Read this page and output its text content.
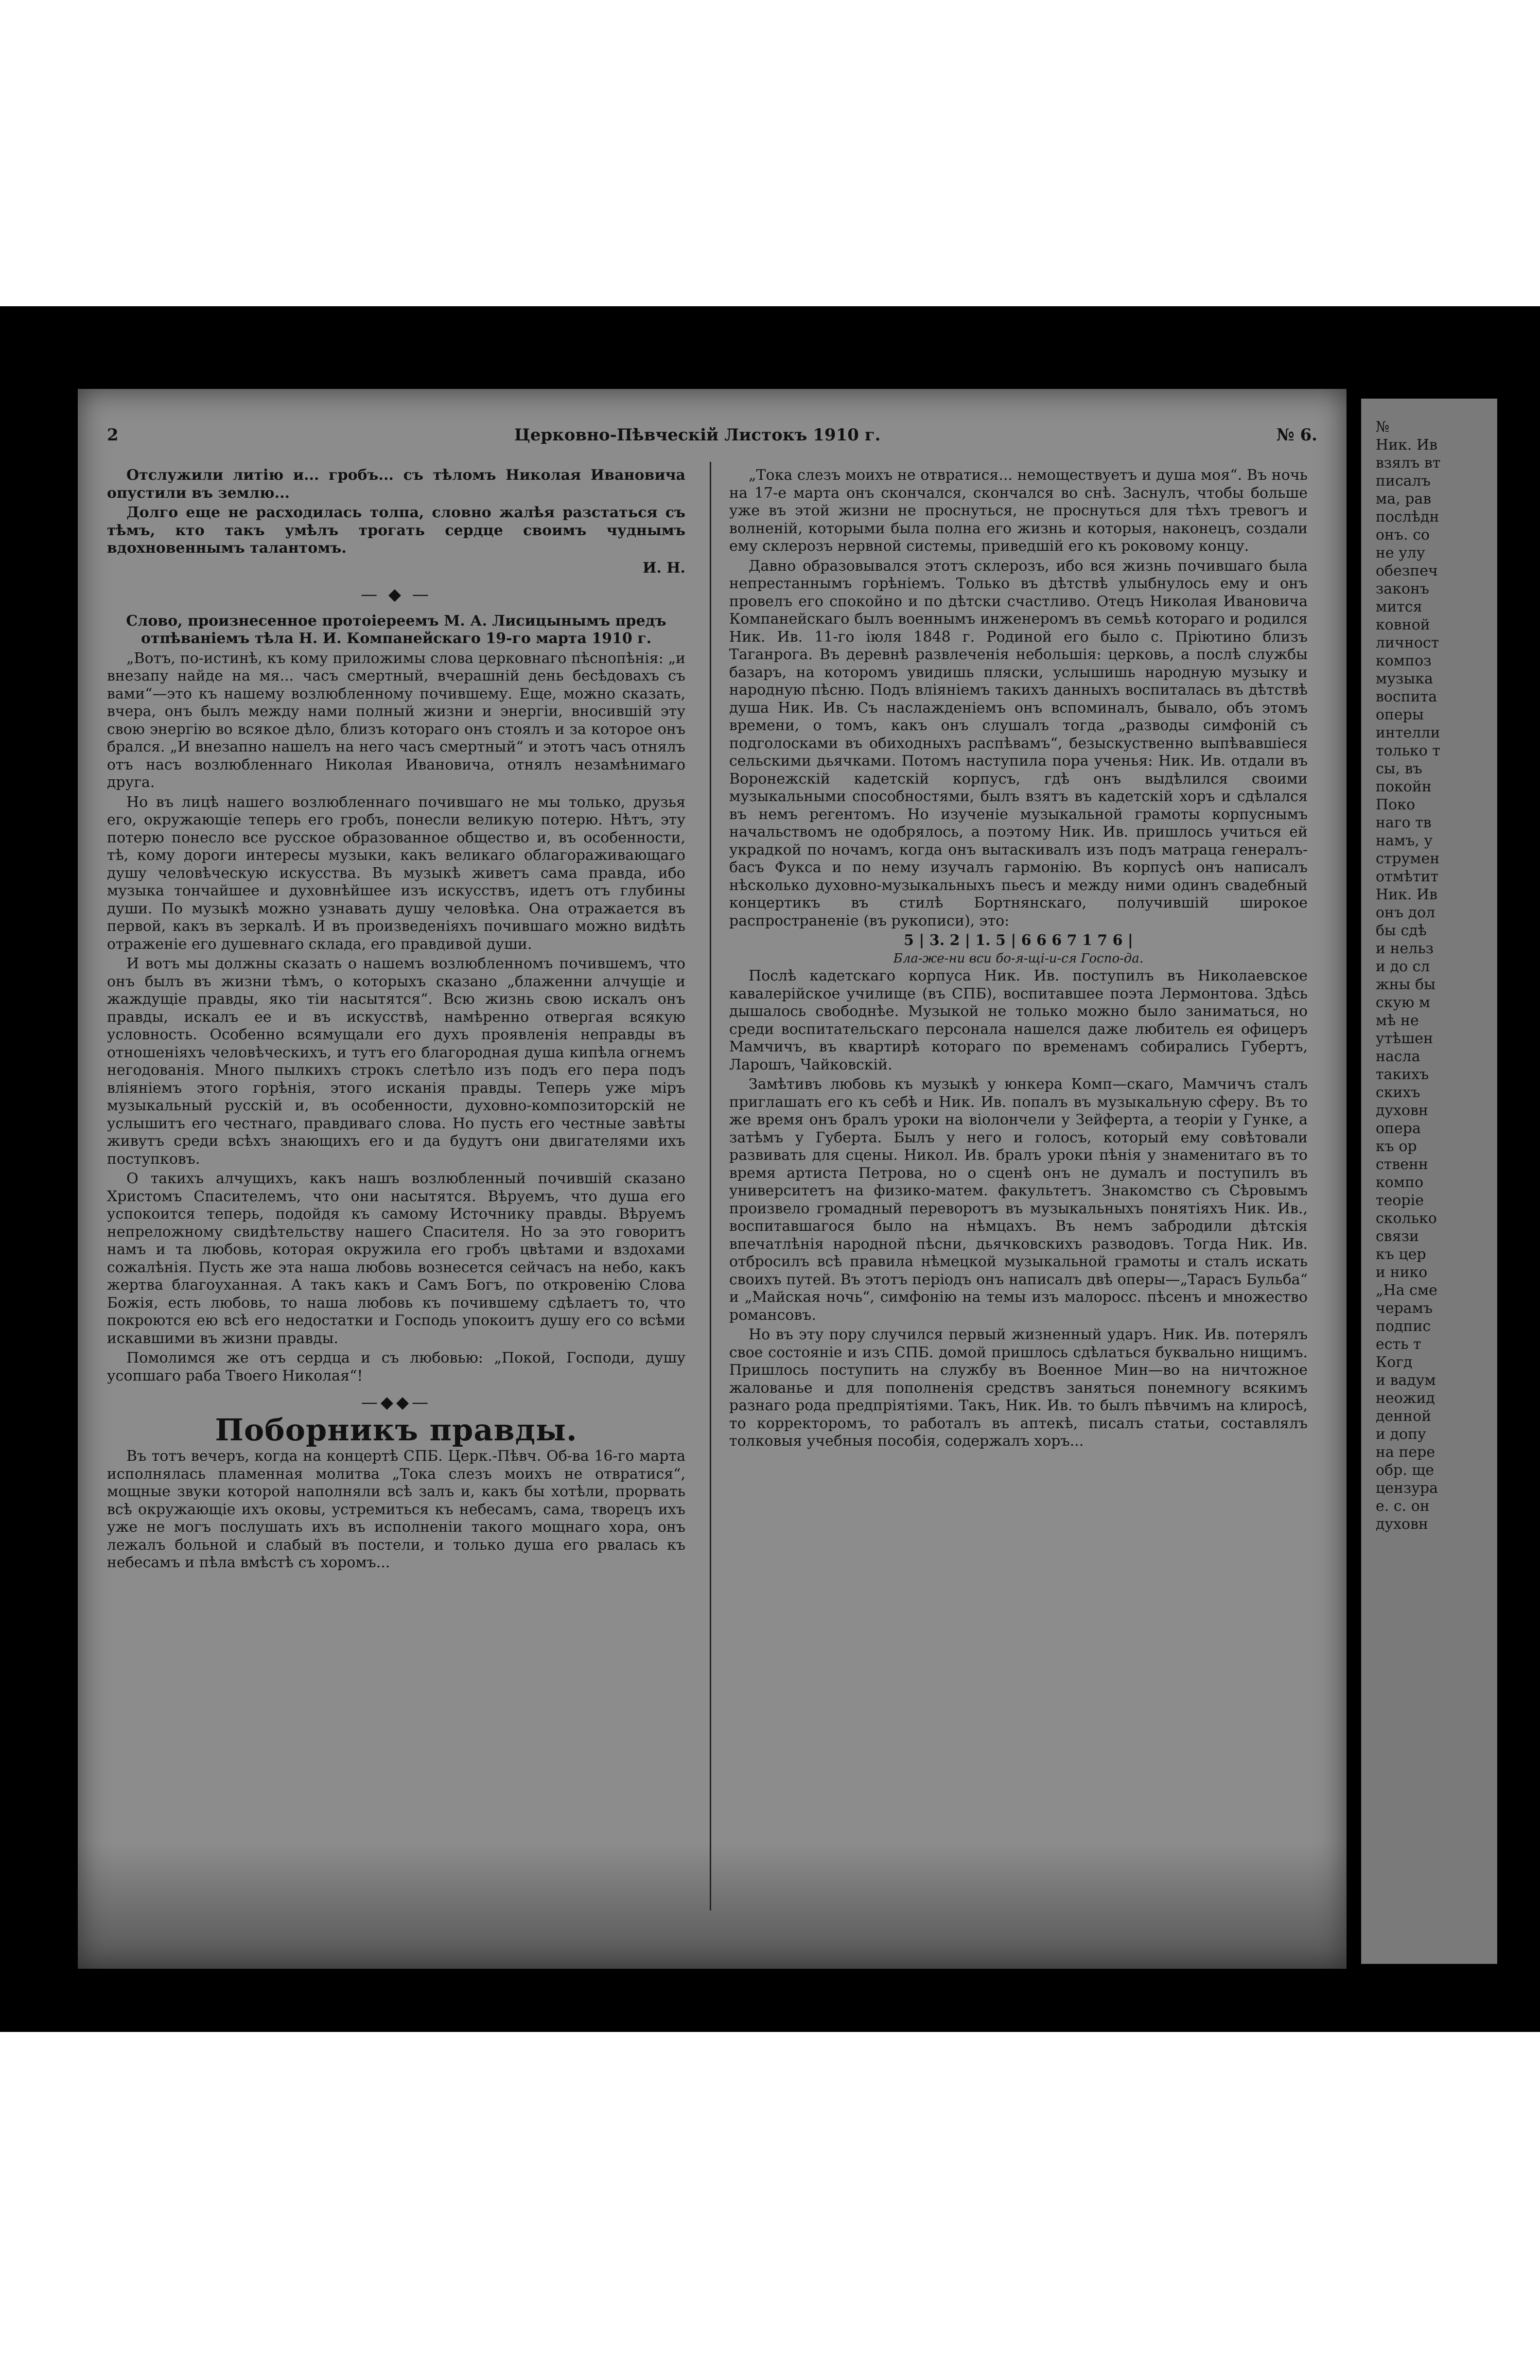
2	Церковно-Пѣвческiй Листокъ 1910 г.	№ 6.

Отслужили литiю и... гробъ... съ тѣломъ Николая Ивановича опустили въ землю...

Долго еще не расходилась толпа, словно жалѣя разстаться съ тѣмъ, кто такъ умѣлъ трогать сердце своимъ чуднымъ вдохновеннымъ талантомъ.

И. Н.
— ◆ —

Слово, произнесенное протоiереемъ М. А. Лисицынымъ предъ отпѣванiемъ тѣла Н. И. Компанейскаго 19-го марта 1910 г.

„Вотъ, по-истинѣ, къ кому приложимы слова церковнаго пѣснопѣнiя: „и внезапу найде на мя... часъ смертный, вчерашнiй день бесѣдовахъ съ вами“—это къ нашему возлюбленному почившему. Еще, можно сказать, вчера, онъ былъ между нами полный жизни и энергiи, вносившiй эту свою энергiю во всякое дѣло, близъ котораго онъ стоялъ и за которое онъ брался. „И внезапно нашелъ на него часъ смертный“ и этотъ часъ отнялъ отъ насъ возлюбленнаго Николая Ивановича, отнялъ незамѣнимаго друга.

Но въ лицѣ нашего возлюбленнаго почившаго не мы только, друзья его, окружающiе теперь его гробъ, понесли великую потерю. Нѣтъ, эту потерю понесло все русское образованное общество и, въ особенности, тѣ, кому дороги интересы музыки, какъ великаго облагораживающаго душу человѣческую искусства. Въ музыкѣ живетъ сама правда, ибо музыка тончайшее и духовнѣйшее изъ искусствъ, идетъ отъ глубины души. По музыкѣ можно узнавать душу человѣка. Она отражается въ первой, какъ въ зеркалѣ. И въ произведенiяхъ почившаго можно видѣть отраженiе его душевнаго склада, его правдивой души.

И вотъ мы должны сказать о нашемъ возлюбленномъ почившемъ, что онъ былъ въ жизни тѣмъ, о которыхъ сказано „блаженни алчущiе и жаждущiе правды, яко тiи насытятся“. Всю жизнь свою искалъ онъ правды, искалъ ее и въ искусствѣ, намѣренно отвергая всякую условность. Особенно всямущали его духъ проявленiя неправды въ отношенiяхъ человѣческихъ, и тутъ его благородная душа кипѣла огнемъ негодованiя. Много пылкихъ строкъ слетѣло изъ подъ его пера подъ влiянiемъ этого горѣнiя, этого исканiя правды. Теперь уже мiръ музыкальный русскiй и, въ особенности, духовно-композиторскiй не услышитъ его честнаго, правдиваго слова. Но пусть его честные завѣты живутъ среди всѣхъ знающихъ его и да будутъ они двигателями ихъ поступковъ.

О такихъ алчущихъ, какъ нашъ возлюбленный почившiй сказано Христомъ Спасителемъ, что они насытятся. Вѣруемъ, что душа его успокоится теперь, подойдя къ самому Источнику правды. Вѣруемъ непреложному свидѣтельству нашего Спасителя. Но за это говоритъ намъ и та любовь, которая окружила его гробъ цвѣтами и вздохами сожалѣнiя. Пусть же эта наша любовь вознесется сейчасъ на небо, какъ жертва благоуханная. А такъ какъ и Самъ Богъ, по откровенiю Слова Божiя, есть любовь, то наша любовь къ почившему сдѣлаетъ то, что покроются ею всѣ его недостатки и Господь упокоитъ душу его со всѣми искавшими въ жизни правды.

Помолимся же отъ сердца и съ любовью: „Покой, Господи, душу усопшаго раба Твоего Николая“!

—◆◆—
Поборникъ правды.

Въ тотъ вечеръ, когда на концертѣ СПБ. Церк.-Пѣвч. Об-ва 16-го марта исполнялась пламенная молитва „Тока слезъ моихъ не отвратися“, мощные звуки которой наполняли всѣ залъ и, какъ бы хотѣли, прорвать всѣ окружающiе ихъ оковы, устремиться къ небесамъ, сама, творецъ ихъ уже не могъ послушать ихъ въ исполненiи такого мощнаго хора, онъ лежалъ больной и слабый въ постели, и только душа его рвалась къ небесамъ и пѣла вмѣстѣ съ хоромъ...

„Тока слезъ моихъ не отвратися... немоществуетъ и душа моя“. Въ ночь на 17-е марта онъ скончался, скончался во снѣ. Заснулъ, чтобы больше уже въ этой жизни не проснуться, не проснуться для тѣхъ тревогъ и волненiй, которыми была полна его жизнь и которыя, наконецъ, создали ему склерозъ нервной системы, приведшiй его къ роковому концу.

Давно образовывался этотъ склерозъ, ибо вся жизнь почившаго была непрестаннымъ горѣнiемъ. Только въ дѣтствѣ улыбнулось ему и онъ провелъ его спокойно и по дѣтски счастливо. Отецъ Николая Ивановича Компанейскаго былъ военнымъ инженеромъ въ семьѣ котораго и родился Ник. Ив. 11-го iюля 1848 г. Родиной его было с. Прiютино близъ Таганрога. Въ деревнѣ развлеченiя небольшiя: церковь, а послѣ службы базаръ, на которомъ увидишь пляски, услышишь народную музыку и народную пѣсню. Подъ влiянiемъ такихъ данныхъ воспиталась въ дѣтствѣ душа Ник. Ив. Съ наслажденiемъ онъ вспоминалъ, бывало, объ этомъ времени, о томъ, какъ онъ слушалъ тогда „разводы симфонiй съ подголосками въ обиходныхъ распѣвамъ“, безыскуственно выпѣвавшiеся сельскими дьячками. Потомъ наступила пора ученья: Ник. Ив. отдали въ Воронежскiй кадетскiй корпусъ, гдѣ онъ выдѣлился своими музыкальными способностями, былъ взятъ въ кадетскiй хоръ и сдѣлался въ немъ регентомъ. Но изученiе музыкальной грамоты корпуснымъ начальствомъ не одобрялось, а поэтому Ник. Ив. пришлось учиться ей украдкой по ночамъ, когда онъ вытаскивалъ изъ подъ матраца генералъ-басъ Фукса и по нему изучалъ гармонiю. Въ корпусѣ онъ написалъ нѣсколько духовно-музыкальныхъ пьесъ и между ними одинъ свадебный концертикъ въ стилѣ Бортнянскаго, получившiй широкое распространенiе (въ рукописи), это:

5 | 3. 2 | 1. 5 | 6 6 6 7 1 7 6 |
Бла-же-ни вси бо-я-щi-и-ся Госпо-да.

Послѣ кадетскаго корпуса Ник. Ив. поступилъ въ Николаевское кавалерiйское училище (въ СПБ), воспитавшее поэта Лермонтова. Здѣсь дышалось свободнѣе. Музыкой не только можно было заниматься, но среди воспитательскаго персонала нашелся даже любитель ея офицеръ Мамчичъ, въ квартирѣ котораго по временамъ собирались Губертъ, Ларошъ, Чайковскiй.

Замѣтивъ любовь къ музыкѣ у юнкера Комп—скаго, Мамчичъ сталъ приглашать его къ себѣ и Ник. Ив. попалъ въ музыкальную сферу. Въ то же время онъ бралъ уроки на вiолончели у Зейферта, а теорiи у Гунке, а затѣмъ у Губерта. Былъ у него и голосъ, который ему совѣтовали развивать для сцены. Никол. Ив. бралъ уроки пѣнiя у знаменитаго въ то время артиста Петрова, но о сценѣ онъ не думалъ и поступилъ въ университетъ на физико-матем. факультетъ. Знакомство съ Сѣровымъ произвело громадный переворотъ въ музыкальныхъ понятiяхъ Ник. Ив., воспитавшагося было на нѣмцахъ. Въ немъ забродили дѣтскiя впечатлѣнiя народной пѣсни, дьячковскихъ разводовъ. Тогда Ник. Ив. отбросилъ всѣ правила нѣмецкой музыкальной грамоты и сталъ искать своихъ путей. Въ этотъ перiодъ онъ написалъ двѣ оперы—„Тарасъ Бульба“ и „Майская ночь“, симфонiю на темы изъ малоросс. пѣсенъ и множество романсовъ.

Но въ эту пору случился первый жизненный ударъ. Ник. Ив. потерялъ свое состоянiе и изъ СПБ. домой пришлось сдѣлаться буквально нищимъ. Пришлось поступить на службу въ Военное Мин—во на ничтожное жалованье и для пополненiя средствъ заняться понемногу всякимъ разнаго рода предпрiятiями. Такъ, Ник. Ив. то былъ пѣвчимъ на клиросѣ, то корректоромъ, то работалъ въ аптекѣ, писалъ статьи, составлялъ толковыя учебныя пособiя, содержалъ хоръ...

№
Ник. Ив
взялъ вт
писалъ
ма, рав
послѣдн
онъ. со
не улу
обезпеч
законъ
мится
ковной
личност
композ
музыка
воспита
оперы
интелли
только т
сы, въ
покойн
Поко
наго тв
намъ, у
струмен
отмѣтит
Ник. Ив
онъ дол
бы сдѣ
и нельз
и до сл
жны бы
скую м
мѣ не
утѣшен
насла
такихъ
скихъ
духовн
опера
къ ор
ственн
компо
теорiе
сколько
связи
къ цер
и нико
„На сме
черамъ
подпис
есть т
Когд
и вадум
неожид
денной
и допу
на пере
обр. ще
цензура
е. с. он
духовн
